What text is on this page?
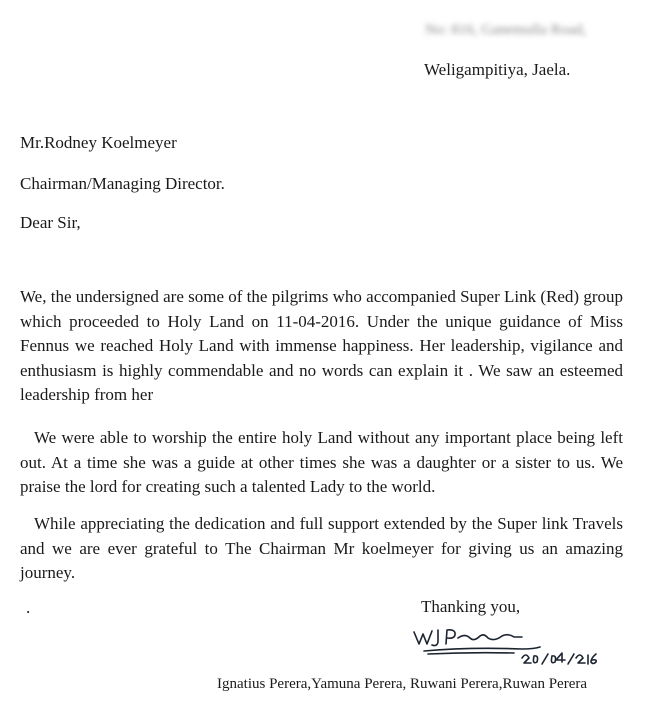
No: 816, Ganemulla Road,
Weligampitiya, Jaela.
Mr.Rodney Koelmeyer
Chairman/Managing Director.
Dear Sir,
We, the undersigned are some of the pilgrims who accompanied Super Link (Red) group which proceeded to Holy Land on 11-04-2016. Under the unique guidance of Miss Fennus we reached Holy Land with immense happiness. Her leadership, vigilance and enthusiasm is highly commendable and no words can explain it . We saw an esteemed leadership from her
We were able to worship the entire holy Land without any important place being left out. At a time she was a guide at other times she was a daughter or a sister to us. We praise the lord for creating such a talented Lady to the world.
While appreciating the dedication and full support extended by the Super link Travels and we are ever grateful to The Chairman Mr koelmeyer for giving us an amazing journey.
.	Thanking you,
Ignatius Perera,Yamuna Perera, Ruwani Perera,Ruwan Perera
